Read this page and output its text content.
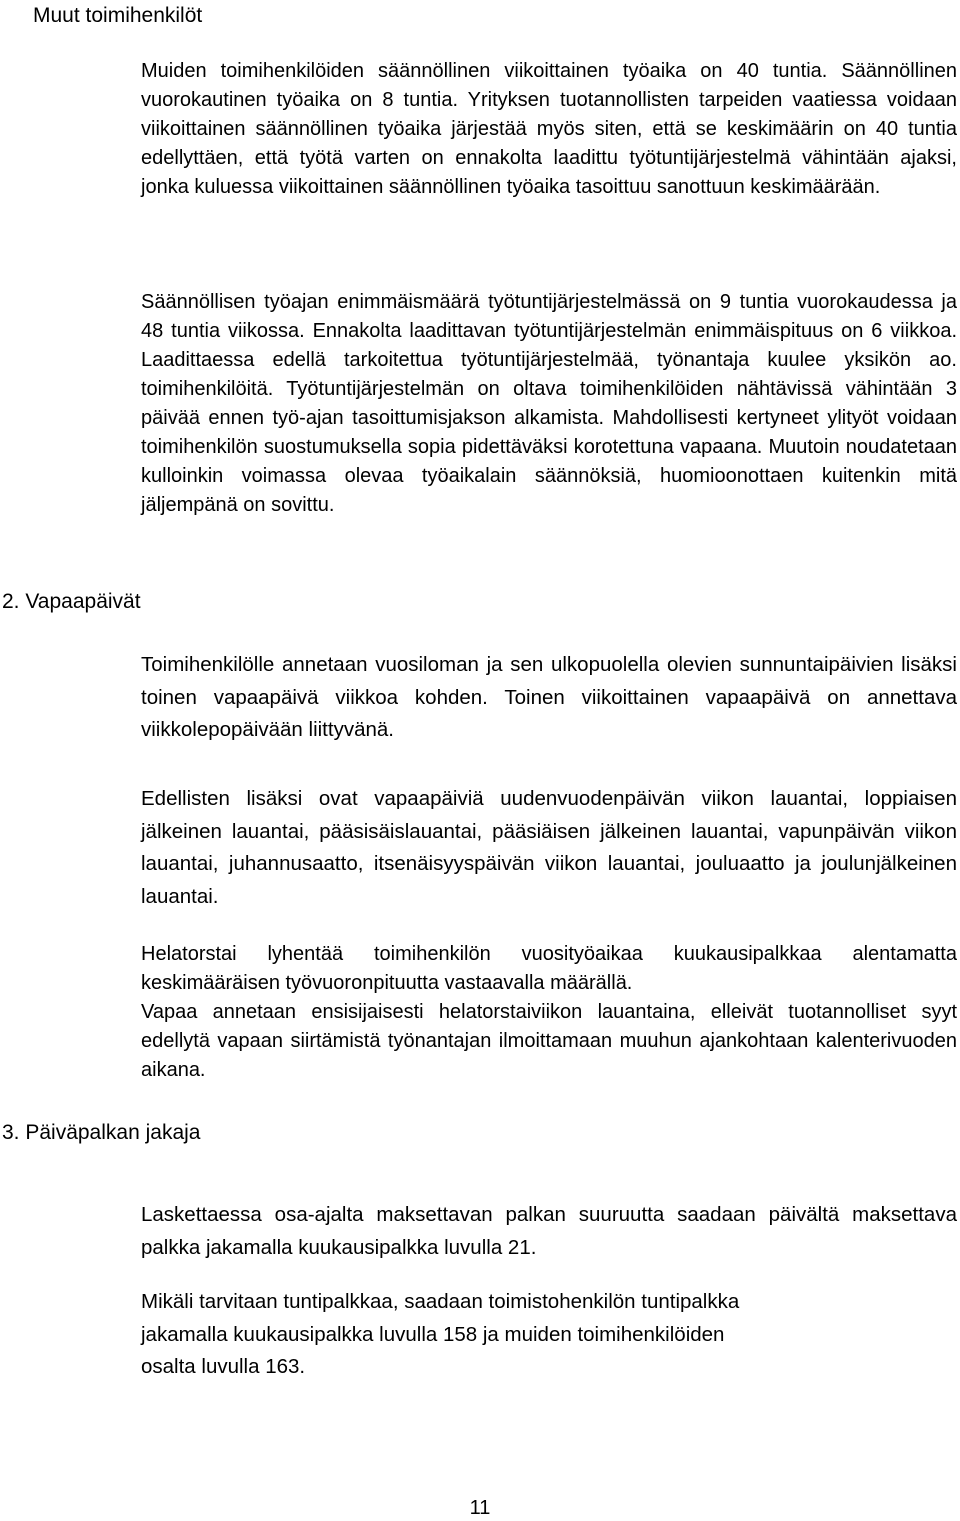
Muut toimihenkilöt

Muiden toimihenkilöiden säännöllinen viikoittainen työaika on 40 tuntia. Säännöllinen vuorokautinen työaika on 8 tuntia. Yrityksen tuotannollisten tarpeiden vaatiessa voidaan viikoittainen säännöllinen työaika järjestää myös siten, että se keskimäärin on 40 tuntia edellyttäen, että työtä varten on ennakolta laadittu työtuntijärjestelmä vähintään ajaksi, jonka kuluessa viikoittainen säännöllinen työaika tasoittuu sanottuun keskimäärään.

Säännöllisen työajan enimmäismäärä työtuntijärjestelmässä on 9 tuntia vuorokaudessa ja 48 tuntia viikossa. Ennakolta laadittavan työtuntijärjestelmän enimmäispituus on 6 viikkoa. Laadittaessa edellä tarkoitettua työtuntijärjestelmää, työnantaja kuulee yksikön ao. toimihenkilöitä. Työtuntijärjestelmän on oltava toimihenkilöiden nähtävissä vähintään 3 päivää ennen työ-ajan tasoittumisjakson alkamista. Mahdollisesti kertyneet ylityöt voidaan toimihenkilön suostumuksella sopia pidettäväksi korotettuna vapaana. Muutoin noudatetaan kulloinkin voimassa olevaa työaikalain säännöksiä, huomioonottaen kuitenkin mitä jäljempänä on sovittu.

2. Vapaapäivät

Toimihenkilölle annetaan vuosiloman ja sen ulkopuolella olevien sunnuntaipäivien lisäksi toinen vapaapäivä viikkoa kohden. Toinen viikoittainen vapaapäivä on annettava viikkolepopäivään liittyvänä.

Edellisten lisäksi ovat vapaapäiviä uudenvuodenpäivän viikon lauantai, loppiaisen jälkeinen lauantai, pääsisäislauantai, pääsiäisen jälkeinen lauantai, vapunpäivän viikon lauantai, juhannusaatto, itsenäisyyspäivän viikon lauantai, jouluaatto ja joulunjälkeinen lauantai.

Helatorstai lyhentää toimihenkilön vuosityöaikaa kuukausipalkkaa alentamatta keskimääräisen työvuoronpituutta vastaavalla määrällä.

Vapaa annetaan ensisijaisesti helatorstaiviikon lauantaina, elleivät tuotannolliset syyt edellytä vapaan siirtämistä työnantajan ilmoittamaan muuhun ajankohtaan kalenterivuoden aikana.

3. Päiväpalkan jakaja

Laskettaessa osa-ajalta maksettavan palkan suuruutta saadaan päivältä maksettava palkka jakamalla kuukausipalkka luvulla 21.

Mikäli tarvitaan tuntipalkkaa, saadaan toimistohenkilön tuntipalkka jakamalla kuukausipalkka luvulla 158 ja muiden toimihenkilöiden osalta luvulla 163.

11
